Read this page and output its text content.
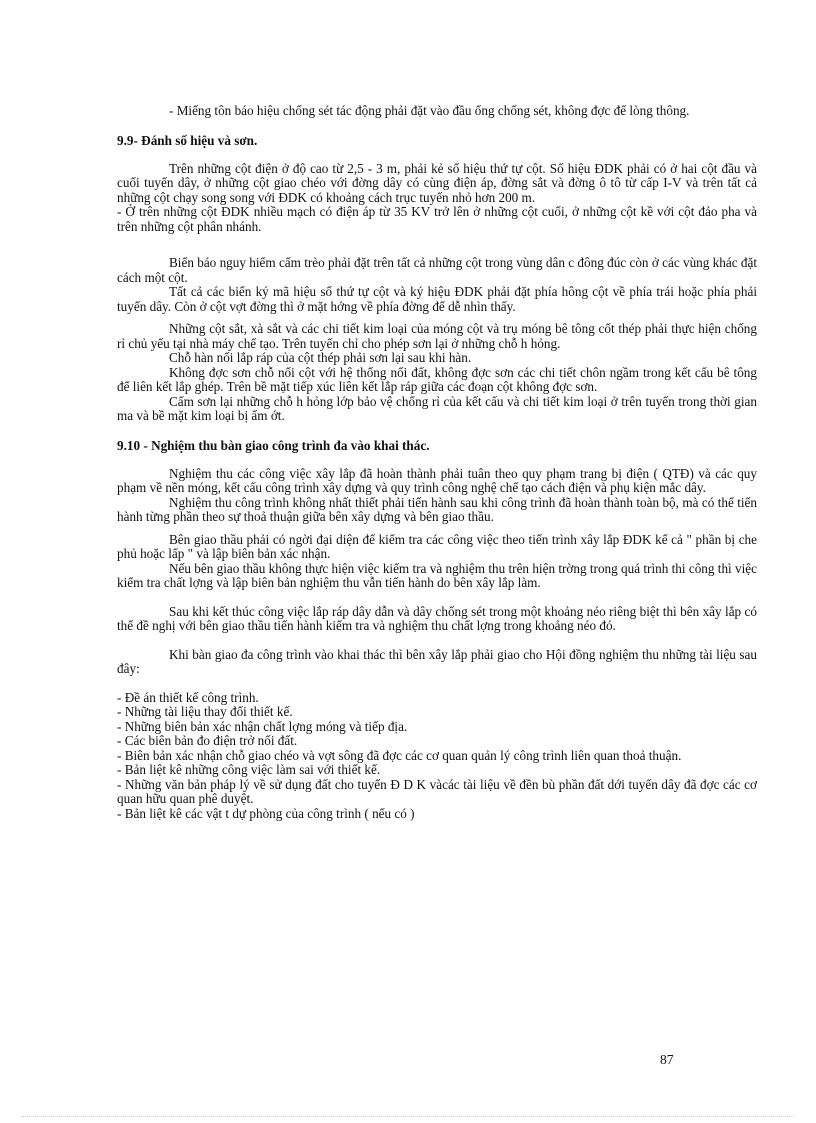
- Miếng tôn báo hiệu chống sét tác động phải đặt vào đầu ống chống sét, không đợc để lòng thông.

9.9- Đánh số hiệu và sơn.

Trên những cột điện ở độ cao từ 2,5 - 3 m, phải kẻ số hiệu thứ tự cột. Số hiệu ĐDK phải có ở hai cột đầu và cuối tuyến dây, ở những cột giao chéo với đờng dây có cùng điện áp, đờng sắt và đờng ô tô từ cấp I-V và trên tất cả những cột chạy song song với ĐDK có khoảng cách trục tuyến nhỏ hơn 200 m.

- Ở trên những cột ĐDK nhiều mạch có điện áp từ 35 KV trở lên ở những cột cuối, ở những cột kề với cột đảo pha và trên những cột phân nhánh.

Biển báo nguy hiểm cấm trèo phải đặt trên tất cả những cột trong vùng dân c đông đúc còn ở các vùng khác đặt cách một cột.

Tất cả các biển ký mã hiệu số thứ tự cột và ký hiệu ĐDK phải đặt phía hông cột về phía trái hoặc phía phải tuyến dây. Còn ở cột vợt đờng thì ở mặt hớng về phía đờng để dễ nhìn thấy.

Những cột sắt, xà sắt và các chi tiết kim loại của móng cột và trụ móng bê tông cốt thép phải thực hiện chống rỉ chủ yếu tại nhà máy chế tạo. Trên tuyến chỉ cho phép sơn lại ở những chỗ h hỏng.

Chỗ hàn nối lắp ráp của cột thép phải sơn lại sau khi hàn.

Không đợc sơn chỗ nối cột với hệ thống nối đất, không đợc sơn các chi tiết chôn ngầm trong kết cấu bê tông để liên kết lắp ghép. Trên bề mặt tiếp xúc liên kết lắp ráp giữa các đoạn cột không đợc sơn.

Cấm sơn lại những chỗ h hỏng lớp bảo vệ chống rỉ của kết cấu và chi tiết kim loại ở trên tuyến trong thời gian ma và bề mặt kim loại bị ẩm ớt.

9.10 - Nghiệm thu bàn giao công trình đa vào khai thác.

Nghiệm thu các công việc xây lắp đã hoàn thành phải tuân theo quy phạm trang bị điện ( QTĐ) và các quy phạm về nền móng, kết cấu công trình xây dựng và quy trình công nghệ chế tạo cách điện và phụ kiện mắc dây.

Nghiệm thu công trình không nhất thiết phải tiến hành sau khi công trình đã hoàn thành toàn bộ, mà có thể tiến hành từng phần theo sự thoả thuận giữa bên xây dựng và bên giao thầu.

Bên giao thầu phải có ngời đại diện để kiểm tra các công việc theo tiến trình xây lắp ĐDK kể cả " phần bị che phủ hoặc lấp " và lập biên bản xác nhận.

Nếu bên giao thầu không thực hiện việc kiểm tra và nghiệm thu trên hiện trờng trong quá trình thi công thì việc kiểm tra chất lợng và lập biên bản nghiệm thu vẫn tiến hành do bên xây lắp làm.

Sau khi kết thúc công việc lắp ráp dây dẫn và dây chống sét trong một khoảng néo riêng biệt thì bên xây lắp có thể đề nghị với bên giao thầu tiến hành kiểm tra và nghiệm thu chất lợng trong khoảng néo đó.

Khi bàn giao đa công trình vào khai thác thì bên xây lắp phải giao cho Hội đồng nghiệm thu những tài liệu sau đây:

- Đề án thiết kế công trình.

- Những tài liệu thay đổi thiết kế.

- Những biên bản xác nhận chất lợng móng và tiếp địa.

- Các biên bản đo điện trở nối đất.

- Biên bản xác nhận chỗ giao chéo và vợt sông đã đợc các cơ quan quản lý công trình liên quan thoả thuận.

- Bản liệt kê những công việc làm sai với thiết kế.

- Những văn bản pháp lý về sử dụng đất cho tuyến Đ D K vàcác tài liệu về đền bù phần đất dới tuyến dây đã đợc các cơ quan hữu quan phê duyệt.

- Bản liệt kê các vật t dự phòng của công trình ( nếu có )

87
